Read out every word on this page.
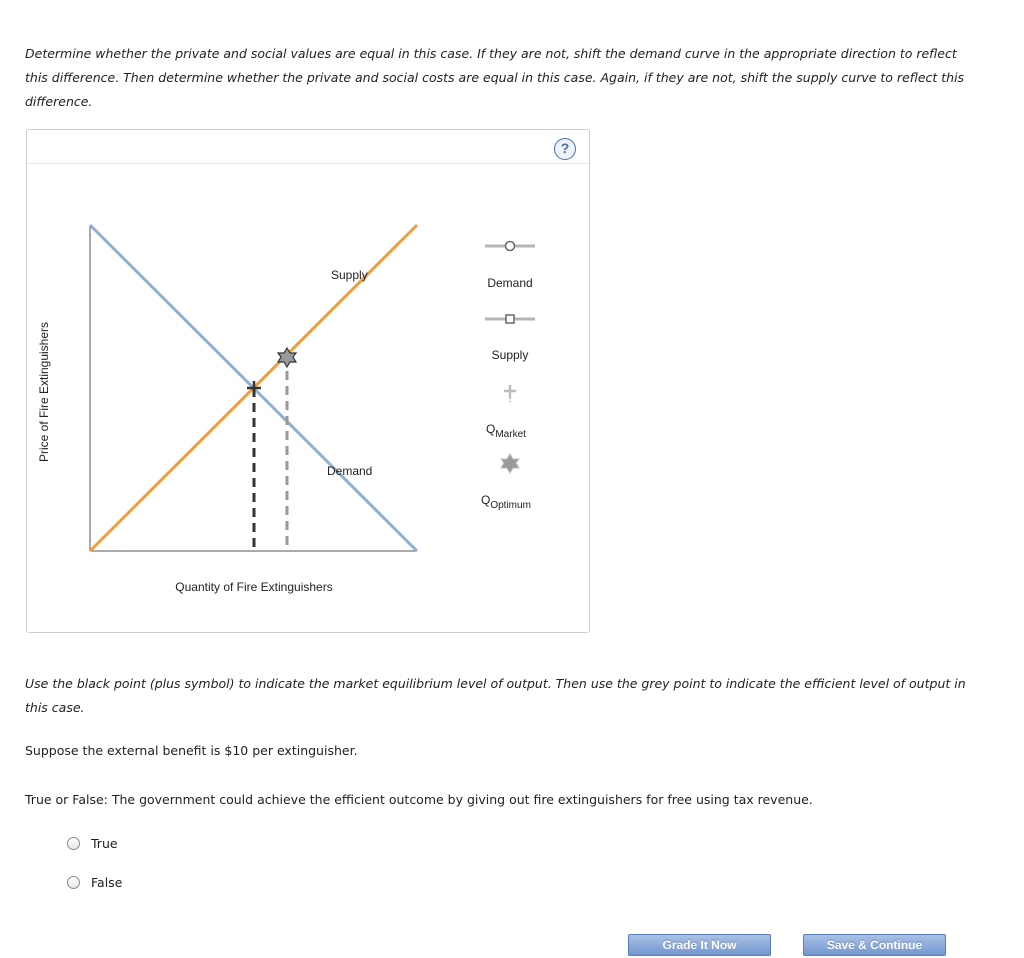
Determine whether the private and social values are equal in this case. If they are not, shift the demand curve in the appropriate direction to reflect
this difference. Then determine whether the private and social costs are equal in this case. Again, if they are not, shift the supply curve to reflect this
difference.
?
Supply
Demand
Price of Fire Extinguishers
Quantity of Fire Extinguishers
Demand
Supply
$Q_{Market}$
$Q_{Optimum}$
Use the black point (plus symbol) to indicate the market equilibrium level of output. Then use the grey point to indicate the efficient level of output in
this case.
Suppose the external benefit is $10 per extinguisher.
True or False: The government could achieve the efficient outcome by giving out fire extinguishers for free using tax revenue.
True
False
Grade It Now	Save & Continue
